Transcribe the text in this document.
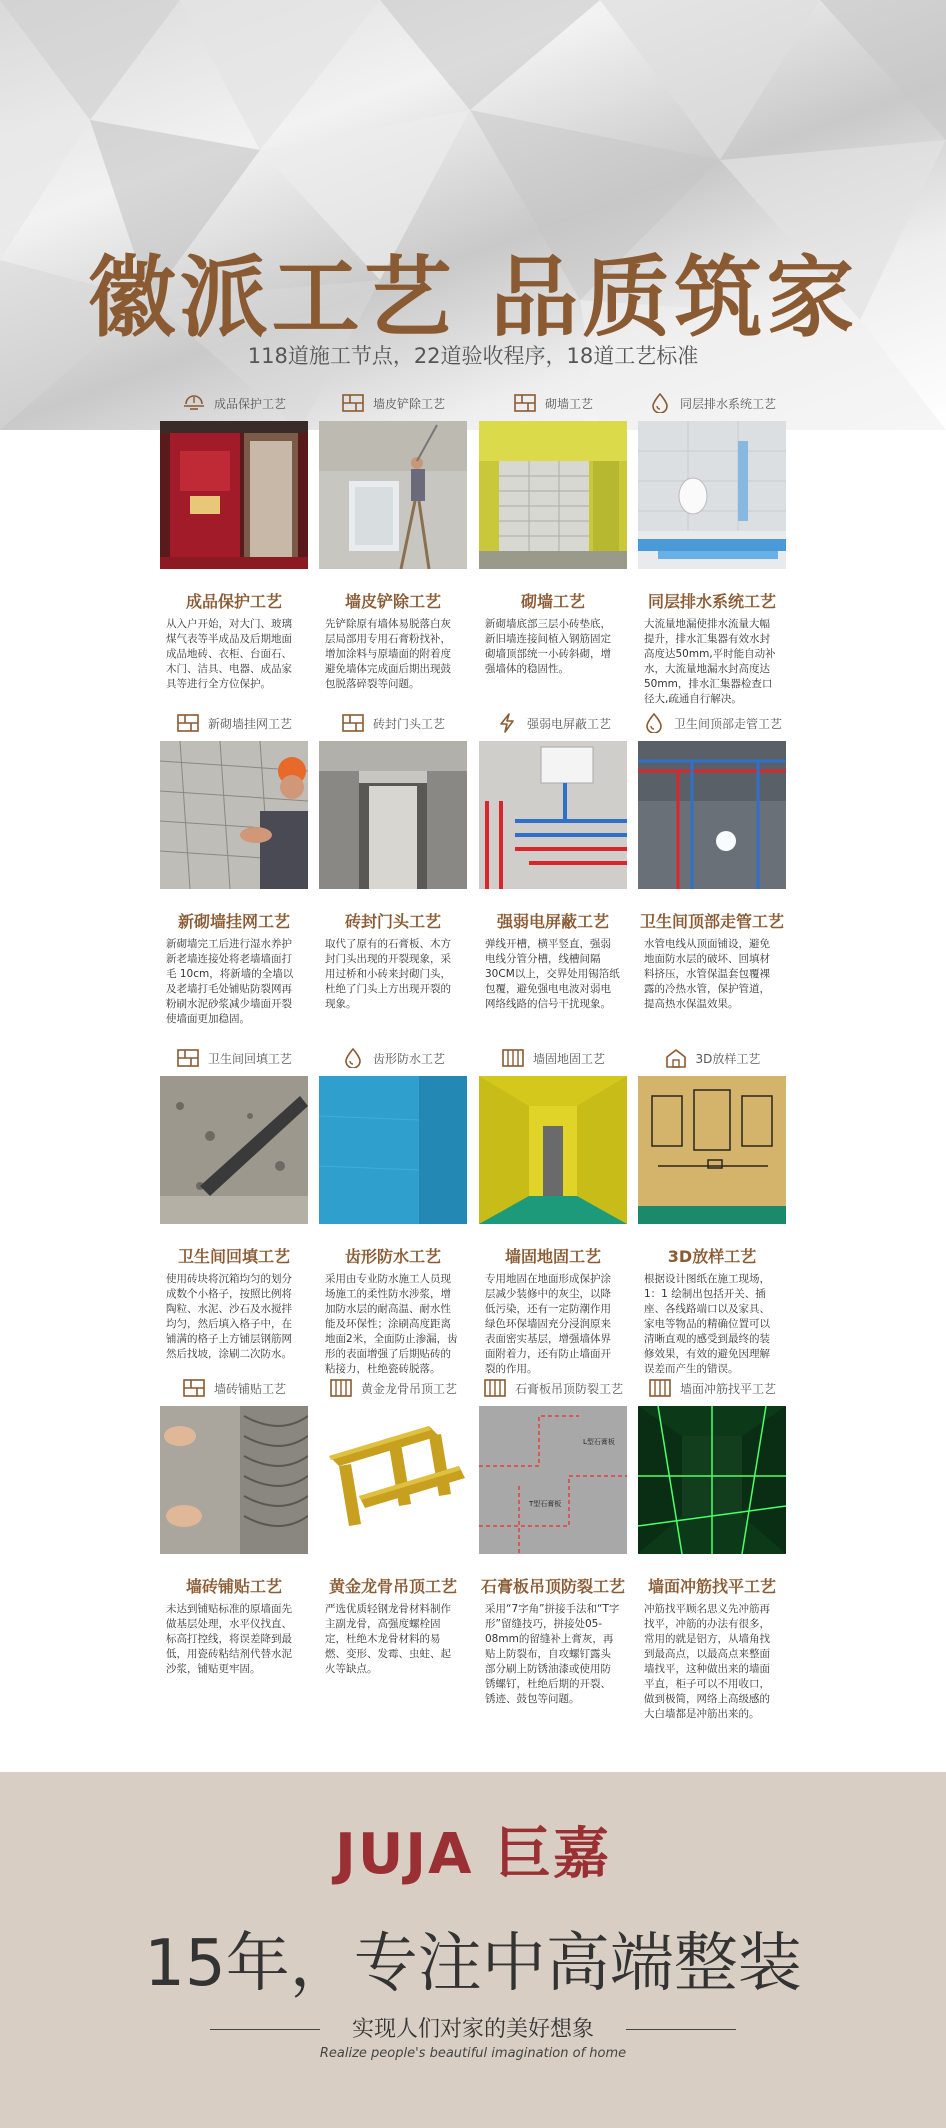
徽派工艺 品质筑家
118道施工节点，22道验收程序，18道工艺标准
成品保护工艺
成品保护工艺
从入户开始，对大门、玻璃煤气表等半成品及后期地面成品地砖、衣柜、台面石、木门、洁具、电器、成品家具等进行全方位保护。
墙皮铲除工艺
墙皮铲除工艺
先铲除原有墙体易脱落白灰层局部用专用石膏粉找补，增加涂料与原墙面的附着度避免墙体完成面后期出现鼓包脱落碎裂等问题。
砌墙工艺
砌墙工艺
新砌墙底部三层小砖垫底，新旧墙连接间植入钢筋固定砌墙顶部统一小砖斜砌，增强墙体的稳固性。
同层排水系统工艺
同层排水系统工艺
大流量地漏使排水流量大幅提升，排水汇集器有效水封高度达50mm,平时能自动补水，大流量地漏水封高度达50mm，排水汇集器检查口径大,疏通自行解决。
新砌墙挂网工艺
新砌墙挂网工艺
新砌墙完工后进行湿水养护新老墙连接处将老墙墙面打毛 10cm，将新墙的全墙以及老墙打毛处铺贴防裂网再粉刷水泥砂浆减少墙面开裂使墙面更加稳固。
砖封门头工艺
砖封门头工艺
取代了原有的石膏板、木方封门头出现的开裂现象，采用过桥和小砖来封砌门头，杜绝了门头上方出现开裂的现象。
强弱电屏蔽工艺
强弱电屏蔽工艺
弹线开槽，横平竖直，强弱电线分管分槽，线槽间隔30CM以上，交界处用锡箔纸包覆，避免强电电波对弱电网络线路的信号干扰现象。
卫生间顶部走管工艺
卫生间顶部走管工艺
水管电线从顶面铺设，避免地面防水层的破坏、回填材料挤压，水管保温套包覆裸露的冷热水管，保护管道，提高热水保温效果。
卫生间回填工艺
卫生间回填工艺
使用砖块将沉箱均匀的划分成数个小格子，按照比例将陶粒、水泥、沙石及水搅拌均匀，然后填入格子中，在铺满的格子上方铺层钢筋网然后找坡，涂刷二次防水。
齿形防水工艺
齿形防水工艺
采用由专业防水施工人员现场施工的柔性防水涉浆，增加防水层的耐高温、耐水性能及环保性；涂刷高度距离地面2米，全面防止渗漏，齿形的表面增强了后期贴砖的粘接力，杜绝瓷砖脱落。
墙固地固工艺
墙固地固工艺
专用地固在地面形成保护涂层减少装修中的灰尘，以降低污染，还有一定防潮作用绿色环保墙固充分浸润原来表面密实基层，增强墙体界面附着力，还有防止墙面开裂的作用。
3D放样工艺
3D放样工艺
根据设计图纸在施工现场，1：1 绘制出包括开关、插座、各线路端口以及家具、家电等物品的精确位置可以清晰直观的感受到最终的装修效果，有效的避免因理解误差而产生的错误。
墙砖铺贴工艺
墙砖铺贴工艺
未达到铺贴标准的原墙面先做基层处理，水平仪找直、标高打控线，将误差降到最低，用瓷砖粘结剂代替水泥沙浆，铺贴更牢固。
黄金龙骨吊顶工艺
黄金龙骨吊顶工艺
严选优质轻钢龙骨材料制作主副龙骨，高强度螺栓固定，杜绝木龙骨材料的易燃、变形、发霉、虫蛀、起火等缺点。
石膏板吊顶防裂工艺
L型石膏板
T型石膏板
石膏板吊顶防裂工艺
采用“7字角”拼接手法和“T字形”留缝技巧，拼接处05-08mm的留缝补上膏灰，再贴上防裂布，自攻螺钉露头部分刷上防锈油漆或使用防锈螺钉，杜绝后期的开裂、锈迹、鼓包等问题。
墙面冲筋找平工艺
墙面冲筋找平工艺
冲筋找平顾名思义先冲筋再找平，冲筋的办法有很多，常用的就是铝方，从墙角找到最高点，以最高点来整面墙找平，这种做出来的墙面平直，柜子可以不用收口，做到极简，网络上高级感的大白墙都是冲筋出来的。
JUJA 巨嘉
15年，专注中高端整装
实现人们对家的美好想象
Realize people's beautiful imagination of home
